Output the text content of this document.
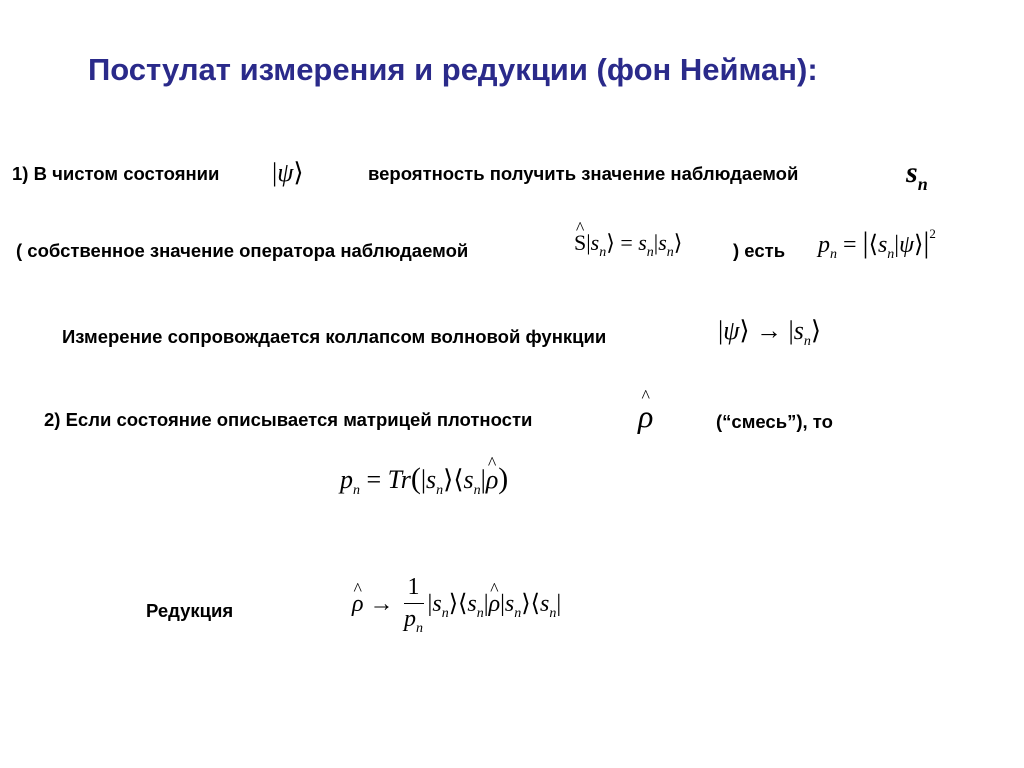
Постулат измерения и редукции (фон Нейман):
1) В чистом состоянии |ψ⟩	вероятность получить значение наблюдаемой	$s_n$
( собственное значение оператора наблюдаемой	^ $S|s_n⟩$ = $s_n|s_n⟩$	) есть $p_n$ = $|⟨s_n|\psi⟩|^2$
Измерение сопровождается коллапсом волновой функции	|ψ⟩ → $|s_n⟩$
2) Если состояние описывается матрицей плотности	^ ρ	(“смесь”), то
$p_n$ = $Tr(|s_n⟩⟨s_n|\^{}$ ρ)
Редукция	^ $\rho \to \frac{1}{p_n}$ $|s_n⟩⟨s_n|\^{}$ $\rho|s_n⟩⟨s_n|$
